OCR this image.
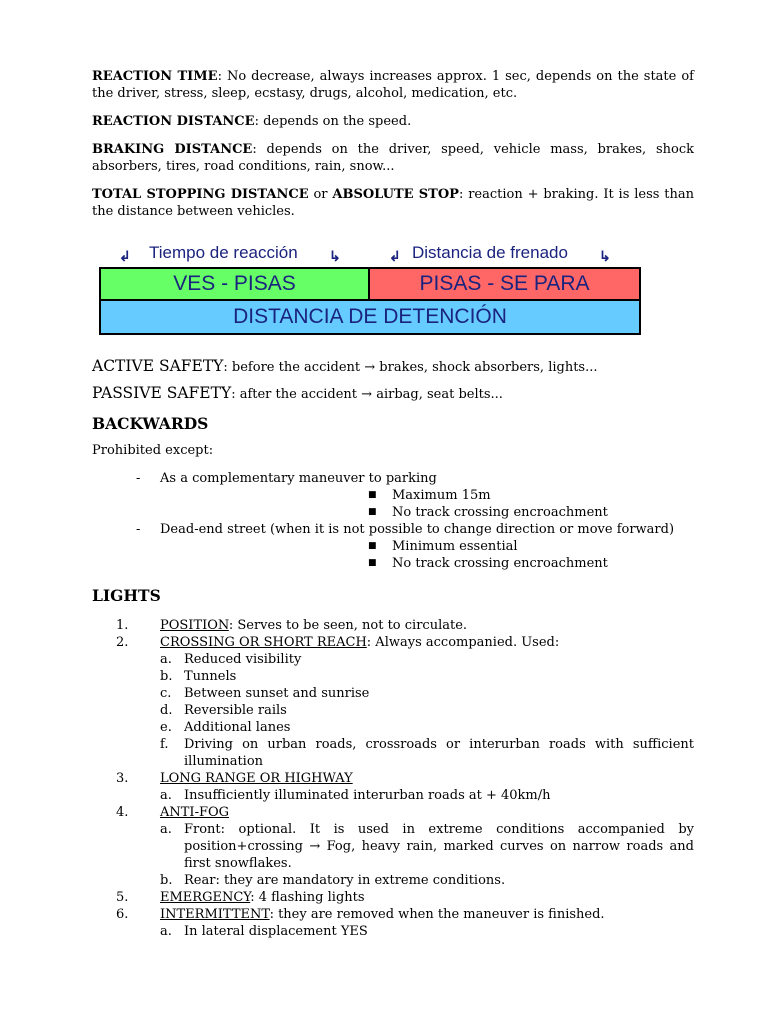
REACTION TIME: No decrease, always increases approx. 1 sec, depends on the state of the driver, stress, sleep, ecstasy, drugs, alcohol, medication, etc.

REACTION DISTANCE: depends on the speed.

BRAKING DISTANCE: depends on the driver, speed, vehicle mass, brakes, shock absorbers, tires, road conditions, rain, snow...

TOTAL STOPPING DISTANCE or ABSOLUTE STOP: reaction + braking. It is less than the distance between vehicles.

↲ Tiempo de reacción ↳	↲ Distancia de frenado ↳
VES - PISAS	PISAS - SE PARA
DISTANCIA DE DETENCIÓN
ACTIVE SAFETY: before the accident → brakes, shock absorbers, lights...
PASSIVE SAFETY: after the accident → airbag, seat belts...
BACKWARDS
Prohibited except:
- As a complementary maneuver to parking
■ Maximum 15m
■ No track crossing encroachment
- Dead-end street (when it is not possible to change direction or move forward)
■ Minimum essential
■ No track crossing encroachment
LIGHTS
1. POSITION: Serves to be seen, not to circulate.
2. CROSSING OR SHORT REACH: Always accompanied. Used:
a. Reduced visibility
b. Tunnels
c. Between sunset and sunrise
d. Reversible rails
e. Additional lanes
f. Driving on urban roads, crossroads or interurban roads with sufficient
illumination
3. LONG RANGE OR HIGHWAY
a. Insufficiently illuminated interurban roads at + 40km/h
4. ANTI-FOG
a. Front: optional. It is used in extreme conditions accompanied by
position+crossing → Fog, heavy rain, marked curves on narrow roads and
first snowflakes.
b. Rear: they are mandatory in extreme conditions.
5. EMERGENCY: 4 flashing lights
6. INTERMITTENT: they are removed when the maneuver is finished.
a. In lateral displacement YES
